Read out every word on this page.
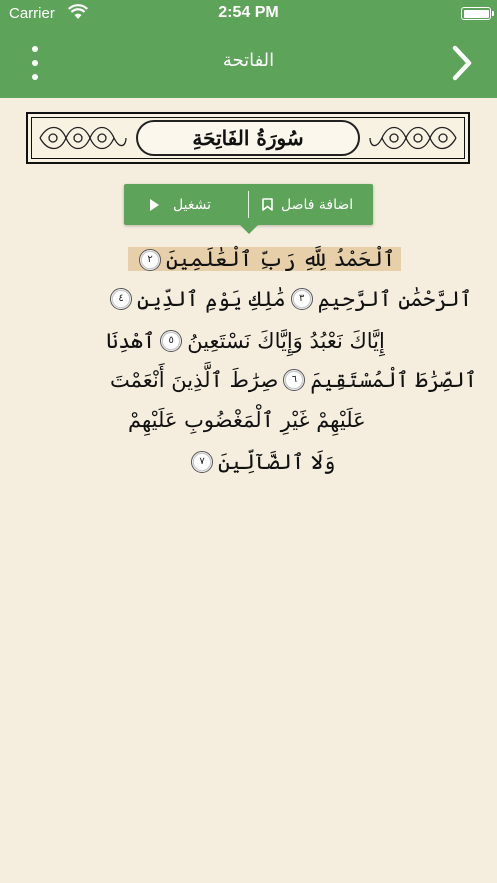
Carrier	2:54 PM
الفاتحة
سُورَةُ الفَاتِحَةِ
ٱلْحَمْدُ لِلَّهِ رَبِّ ٱلْعَٰلَمِينَ٢
ٱلرَّحْمَٰنِ ٱلرَّحِيمِ
٣
مَٰلِكِ يَوْمِ ٱلدِّينِ
٤
إِيَّاكَ نَعْبُدُ وَإِيَّاكَ نَسْتَعِينُ
٥
ٱهْدِنَا
ٱلصِّرَٰطَ ٱلْمُسْتَقِيمَ
٦
صِرَٰطَ ٱلَّذِينَ أَنْعَمْتَ
عَلَيْهِمْ غَيْرِ ٱلْمَغْضُوبِ عَلَيْهِمْ
وَلَا ٱلضَّآلِّينَ
٧
تشغيل	اضافة فاصل
